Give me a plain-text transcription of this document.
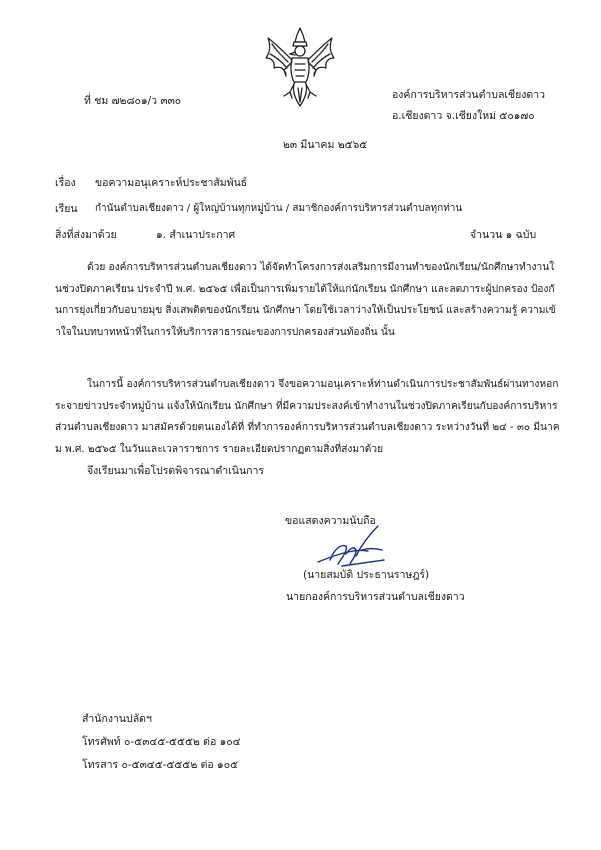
ที่ ชม ๗๒๘๐๑/ว ๓๓๐	องค์การบริหารส่วนตำบลเชียงดาว
อ.เชียงดาว จ.เชียงใหม่ ๕๐๑๗๐
๒๓ มีนาคม ๒๕๖๕
เรื่อง ขอความอนุเคราะห์ประชาสัมพันธ์
เรียน กำนันตำบลเชียงดาว / ผู้ใหญ่บ้านทุกหมู่บ้าน / สมาชิกองค์การบริหารส่วนตำบลทุกท่าน
สิ่งที่ส่งมาด้วย	๑. สำเนาประกาศ	จำนวน ๑ ฉบับ
ด้วย องค์การบริหารส่วนตำบลเชียงดาว ได้จัดทำโครงการส่งเสริมการมีงานทำของนักเรียน/นักศึกษาทำงานในช่วงปิดภาคเรียน ประจำปี พ.ศ. ๒๕๖๕ เพื่อเป็นการเพิ่มรายได้ให้แก่นักเรียน นักศึกษา และลดภาระผู้ปกครอง ป้องกันการยุ่งเกี่ยวกับอบายมุข สิ่งเสพติดของนักเรียน นักศึกษา โดยใช้เวลาว่างให้เป็นประโยชน์ และสร้างความรู้ ความเข้าใจในบทบาทหน้าที่ในการให้บริการสาธารณะของการปกครองส่วนท้องถิ่น นั้น
ในการนี้ องค์การบริหารส่วนตำบลเชียงดาว จึงขอความอนุเคราะห์ท่านดำเนินการประชาสัมพันธ์ผ่านทางหอกระจายข่าวประจำหมู่บ้าน แจ้งให้นักเรียน นักศึกษา ที่มีความประสงค์เข้าทำงานในช่วงปิดภาคเรียนกับองค์การบริหารส่วนตำบลเชียงดาว มาสมัครด้วยตนเองได้ที่ ที่ทำการองค์การบริหารส่วนตำบลเชียงดาว ระหว่างวันที่ ๒๔ - ๓๐ มีนาคม พ.ศ. ๒๕๖๕ ในวันและเวลาราชการ รายละเอียดปรากฏตามสิ่งที่ส่งมาด้วย
จึงเรียนมาเพื่อโปรดพิจารณาดำเนินการ
ขอแสดงความนับถือ
(นายสมบัติ ประธานราษฎร์)
นายกองค์การบริหารส่วนตำบลเชียงดาว
สำนักงานปลัดฯ
โทรศัพท์ ๐-๕๓๔๕-๕๕๕๒ ต่อ ๑๐๔
โทรสาร ๐-๕๓๔๕-๕๕๕๒ ต่อ ๑๐๕
